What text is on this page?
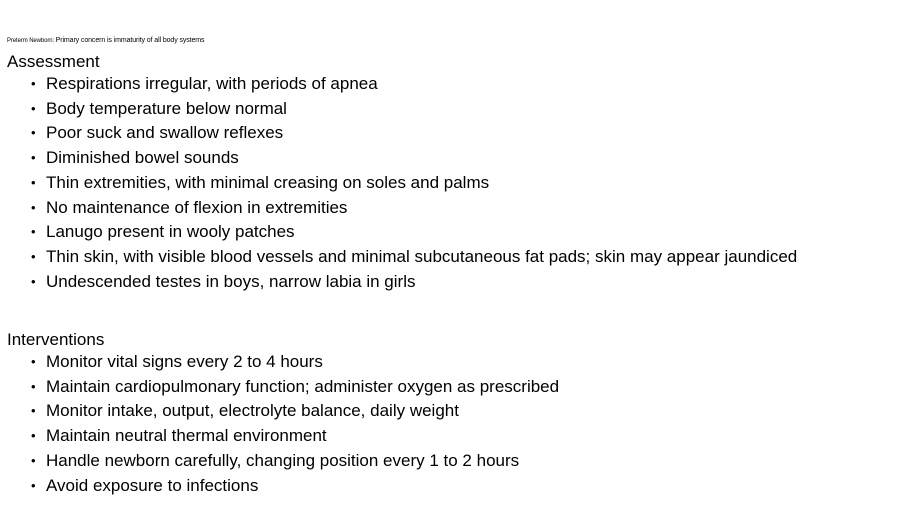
Preterm Newborn: Primary concern is immaturity of all body systems
Assessment
• Respirations irregular, with periods of apnea
• Body temperature below normal
• Poor suck and swallow reflexes
• Diminished bowel sounds
• Thin extremities, with minimal creasing on soles and palms
• No maintenance of flexion in extremities
• Lanugo present in wooly patches
• Thin skin, with visible blood vessels and minimal subcutaneous fat pads; skin may appear jaundiced
• Undescended testes in boys, narrow labia in girls
Interventions
• Monitor vital signs every 2 to 4 hours
• Maintain cardiopulmonary function; administer oxygen as prescribed
• Monitor intake, output, electrolyte balance, daily weight
• Maintain neutral thermal environment
• Handle newborn carefully, changing position every 1 to 2 hours
• Avoid exposure to infections
